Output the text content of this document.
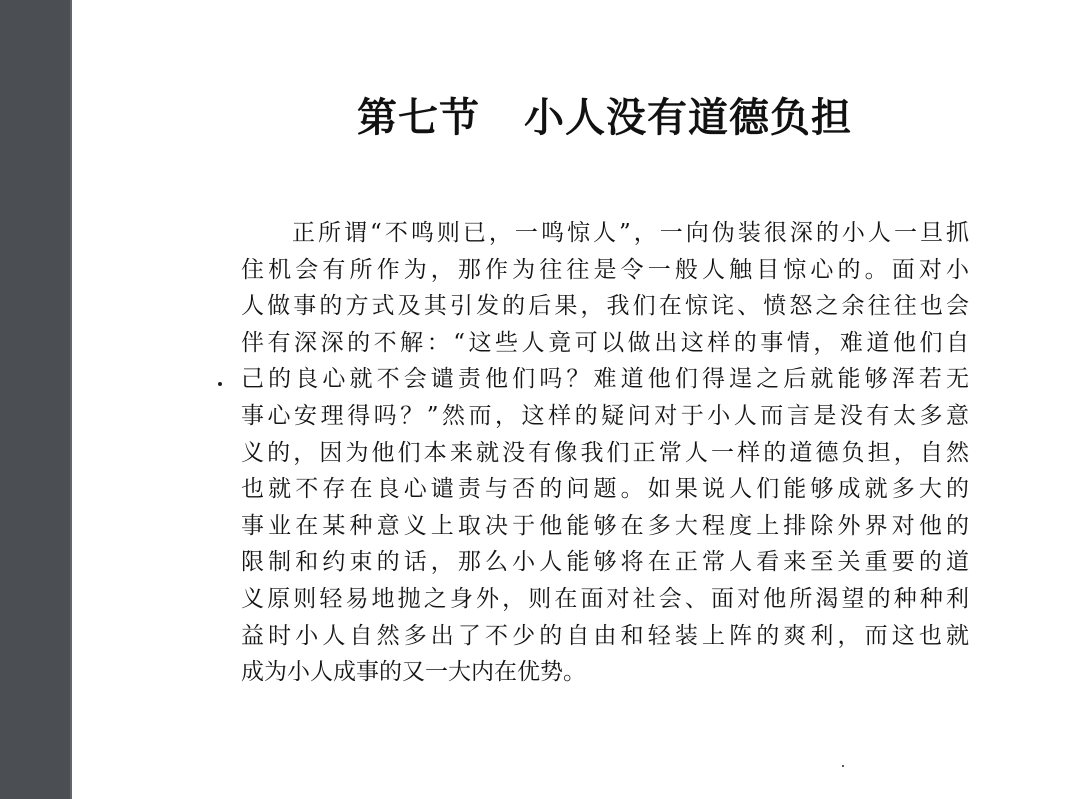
第七节 小人没有道德负担
正所谓“不鸣则已，一鸣惊人”，一向伪装很深的小人一旦抓
住机会有所作为，那作为往往是令一般人触目惊心的。面对小
人做事的方式及其引发的后果，我们在惊诧、愤怒之余往往也会
伴有深深的不解：“这些人竟可以做出这样的事情，难道他们自
己的良心就不会谴责他们吗？难道他们得逞之后就能够浑若无
事心安理得吗？”然而，这样的疑问对于小人而言是没有太多意
义的，因为他们本来就没有像我们正常人一样的道德负担，自然
也就不存在良心谴责与否的问题。如果说人们能够成就多大的
事业在某种意义上取决于他能够在多大程度上排除外界对他的
限制和约束的话，那么小人能够将在正常人看来至关重要的道
义原则轻易地抛之身外，则在面对社会、面对他所渴望的种种利
益时小人自然多出了不少的自由和轻装上阵的爽利，而这也就
成为小人成事的又一大内在优势。
